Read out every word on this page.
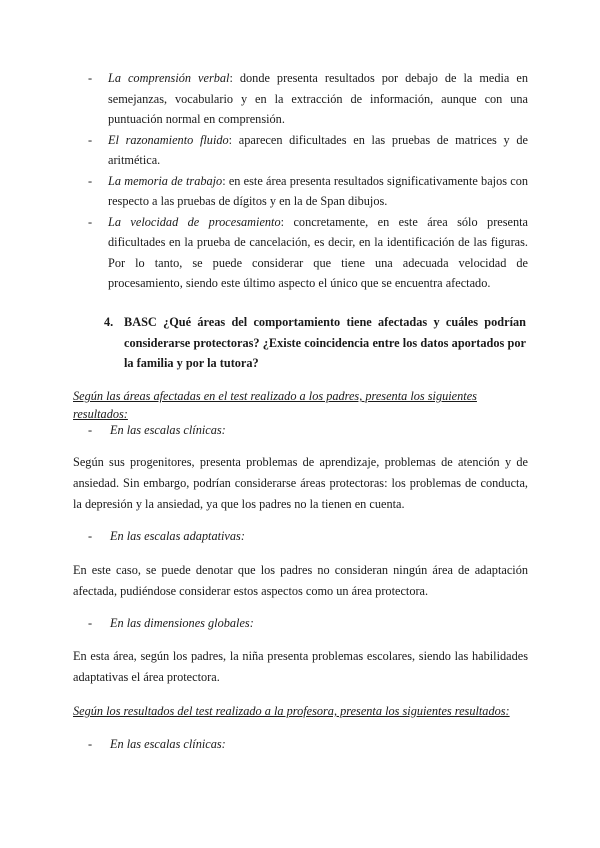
- La comprensión verbal: donde presenta resultados por debajo de la media en semejanzas, vocabulario y en la extracción de información, aunque con una puntuación normal en comprensión.
- El razonamiento fluido: aparecen dificultades en las pruebas de matrices y de aritmética.
- La memoria de trabajo: en este área presenta resultados significativamente bajos con respecto a las pruebas de dígitos y en la de Span dibujos.
- La velocidad de procesamiento: concretamente, en este área sólo presenta dificultades en la prueba de cancelación, es decir, en la identificación de las figuras. Por lo tanto, se puede considerar que tiene una adecuada velocidad de procesamiento, siendo este último aspecto el único que se encuentra afectado.
4. BASC ¿Qué áreas del comportamiento tiene afectadas y cuáles podrían considerarse protectoras? ¿Existe coincidencia entre los datos aportados por la familia y por la tutora?

Según las áreas afectadas en el test realizado a los padres, presenta los siguientes resultados:

- En las escalas clínicas:

Según sus progenitores, presenta problemas de aprendizaje, problemas de atención y de ansiedad. Sin embargo, podrían considerarse áreas protectoras: los problemas de conducta, la depresión y la ansiedad, ya que los padres no la tienen en cuenta.

- En las escalas adaptativas:

En este caso, se puede denotar que los padres no consideran ningún área de adaptación afectada, pudiéndose considerar estos aspectos como un área protectora.

- En las dimensiones globales:

En esta área, según los padres, la niña presenta problemas escolares, siendo las habilidades adaptativas el área protectora.

Según los resultados del test realizado a la profesora, presenta los siguientes resultados:

- En las escalas clínicas:
